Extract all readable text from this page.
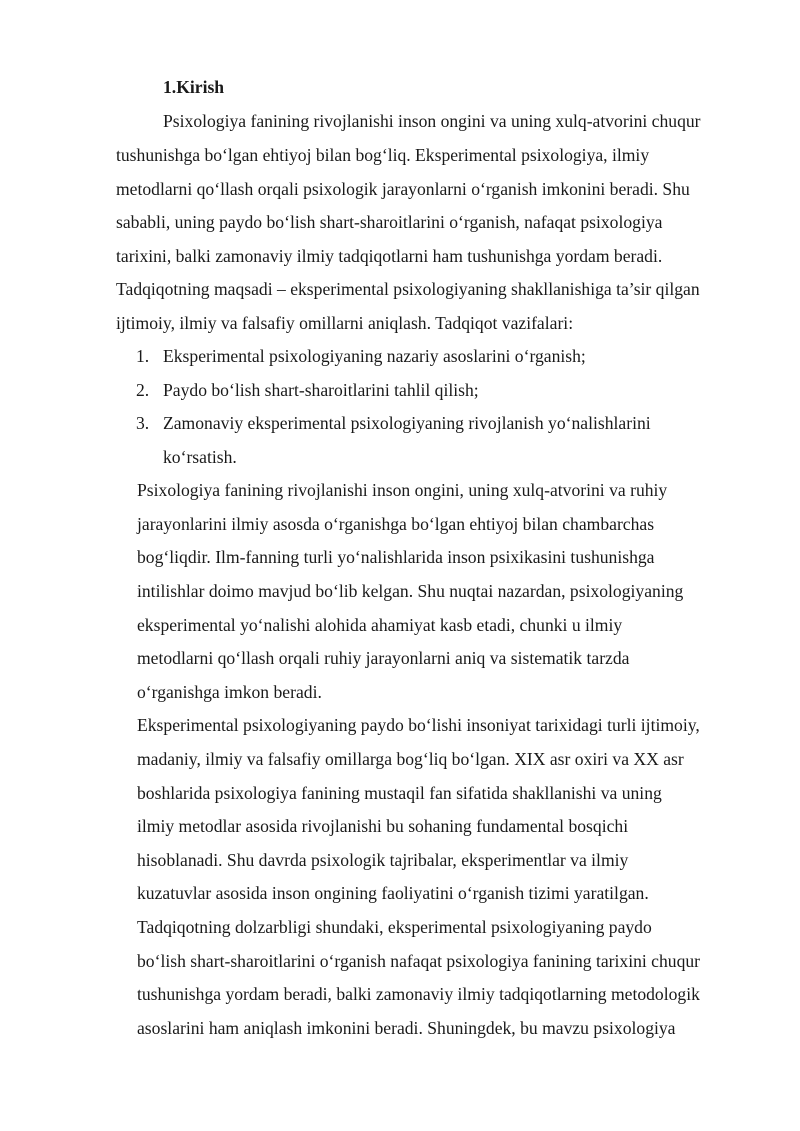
1.Kirish
Psixologiya fanining rivojlanishi inson ongini va uning xulq-atvorini chuqur
tushunishga bo‘lgan ehtiyoj bilan bog‘liq. Eksperimental psixologiya, ilmiy
metodlarni qo‘llash orqali psixologik jarayonlarni o‘rganish imkonini beradi. Shu
sababli, uning paydo bo‘lish shart-sharoitlarini o‘rganish, nafaqat psixologiya
tarixini, balki zamonaviy ilmiy tadqiqotlarni ham tushunishga yordam beradi.
Tadqiqotning maqsadi – eksperimental psixologiyaning shakllanishiga ta’sir qilgan
ijtimoiy, ilmiy va falsafiy omillarni aniqlash. Tadqiqot vazifalari:
1. Eksperimental psixologiyaning nazariy asoslarini o‘rganish;
2. Paydo bo‘lish shart-sharoitlarini tahlil qilish;
3. Zamonaviy eksperimental psixologiyaning rivojlanish yo‘nalishlarini
ko‘rsatish.
Psixologiya fanining rivojlanishi inson ongini, uning xulq-atvorini va ruhiy
jarayonlarini ilmiy asosda o‘rganishga bo‘lgan ehtiyoj bilan chambarchas
bog‘liqdir. Ilm-fanning turli yo‘nalishlarida inson psixikasini tushunishga
intilishlar doimo mavjud bo‘lib kelgan. Shu nuqtai nazardan, psixologiyaning
eksperimental yo‘nalishi alohida ahamiyat kasb etadi, chunki u ilmiy
metodlarni qo‘llash orqali ruhiy jarayonlarni aniq va sistematik tarzda
o‘rganishga imkon beradi.
Eksperimental psixologiyaning paydo bo‘lishi insoniyat tarixidagi turli ijtimoiy,
madaniy, ilmiy va falsafiy omillarga bog‘liq bo‘lgan. XIX asr oxiri va XX asr
boshlarida psixologiya fanining mustaqil fan sifatida shakllanishi va uning
ilmiy metodlar asosida rivojlanishi bu sohaning fundamental bosqichi
hisoblanadi. Shu davrda psixologik tajribalar, eksperimentlar va ilmiy
kuzatuvlar asosida inson ongining faoliyatini o‘rganish tizimi yaratilgan.
Tadqiqotning dolzarbligi shundaki, eksperimental psixologiyaning paydo
bo‘lish shart-sharoitlarini o‘rganish nafaqat psixologiya fanining tarixini chuqur
tushunishga yordam beradi, balki zamonaviy ilmiy tadqiqotlarning metodologik
asoslarini ham aniqlash imkonini beradi. Shuningdek, bu mavzu psixologiya
